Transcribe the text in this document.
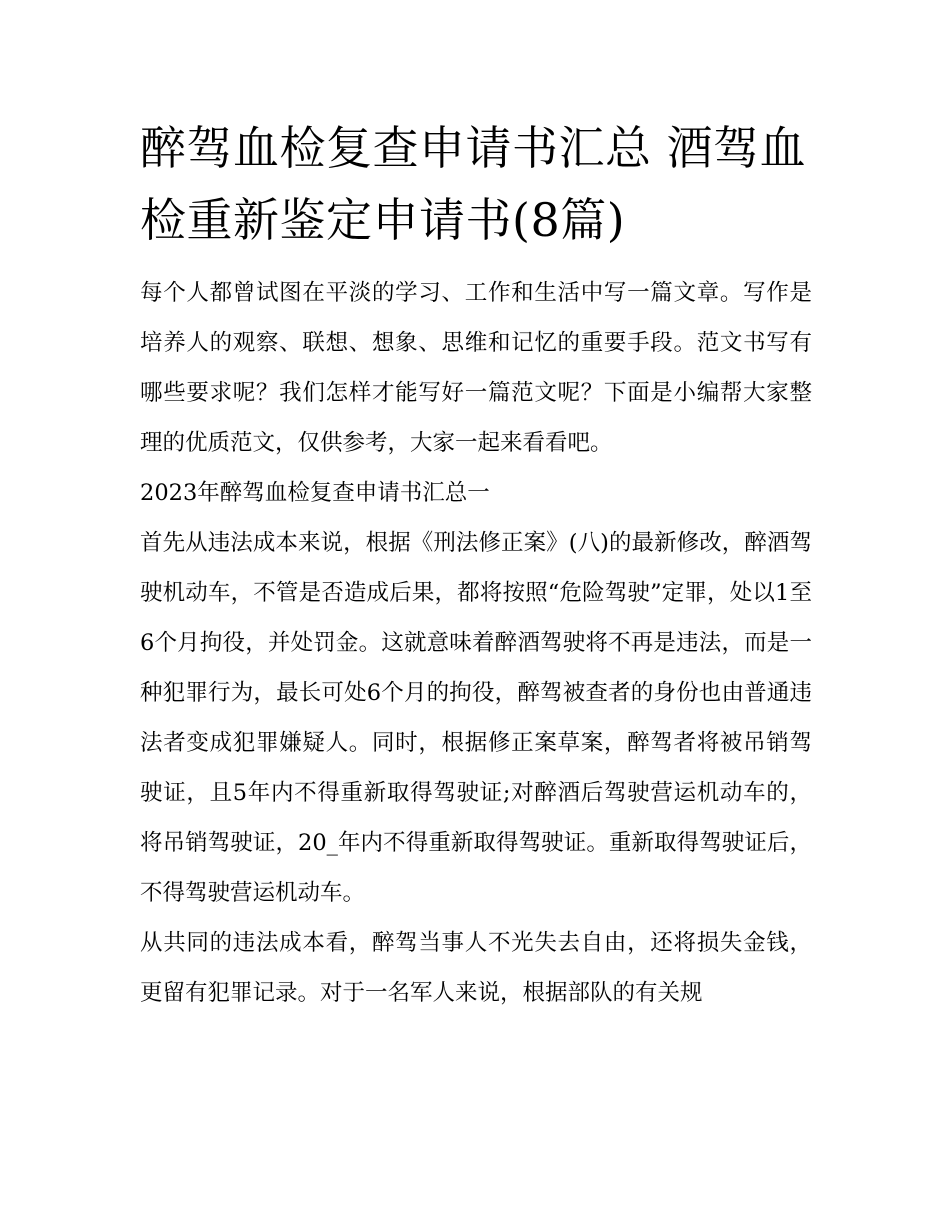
醉驾血检复查申请书汇总 酒驾血检重新鉴定申请书(8篇)

每个人都曾试图在平淡的学习、工作和生活中写一篇文章。写作是培养人的观察、联想、想象、思维和记忆的重要手段。范文书写有哪些要求呢？我们怎样才能写好一篇范文呢？下面是小编帮大家整理的优质范文，仅供参考，大家一起来看看吧。

2023年醉驾血检复查申请书汇总一

首先从违法成本来说，根据《刑法修正案》(八)的最新修改，醉酒驾驶机动车，不管是否造成后果，都将按照“危险驾驶”定罪，处以1至6个月拘役，并处罚金。这就意味着醉酒驾驶将不再是违法，而是一种犯罪行为，最长可处6个月的拘役，醉驾被查者的身份也由普通违法者变成犯罪嫌疑人。同时，根据修正案草案，醉驾者将被吊销驾驶证，且5年内不得重新取得驾驶证;对醉酒后驾驶营运机动车的，将吊销驾驶证，20_年内不得重新取得驾驶证。重新取得驾驶证后，不得驾驶营运机动车。

从共同的违法成本看，醉驾当事人不光失去自由，还将损失金钱，更留有犯罪记录。对于一名军人来说，根据部队的有关规
